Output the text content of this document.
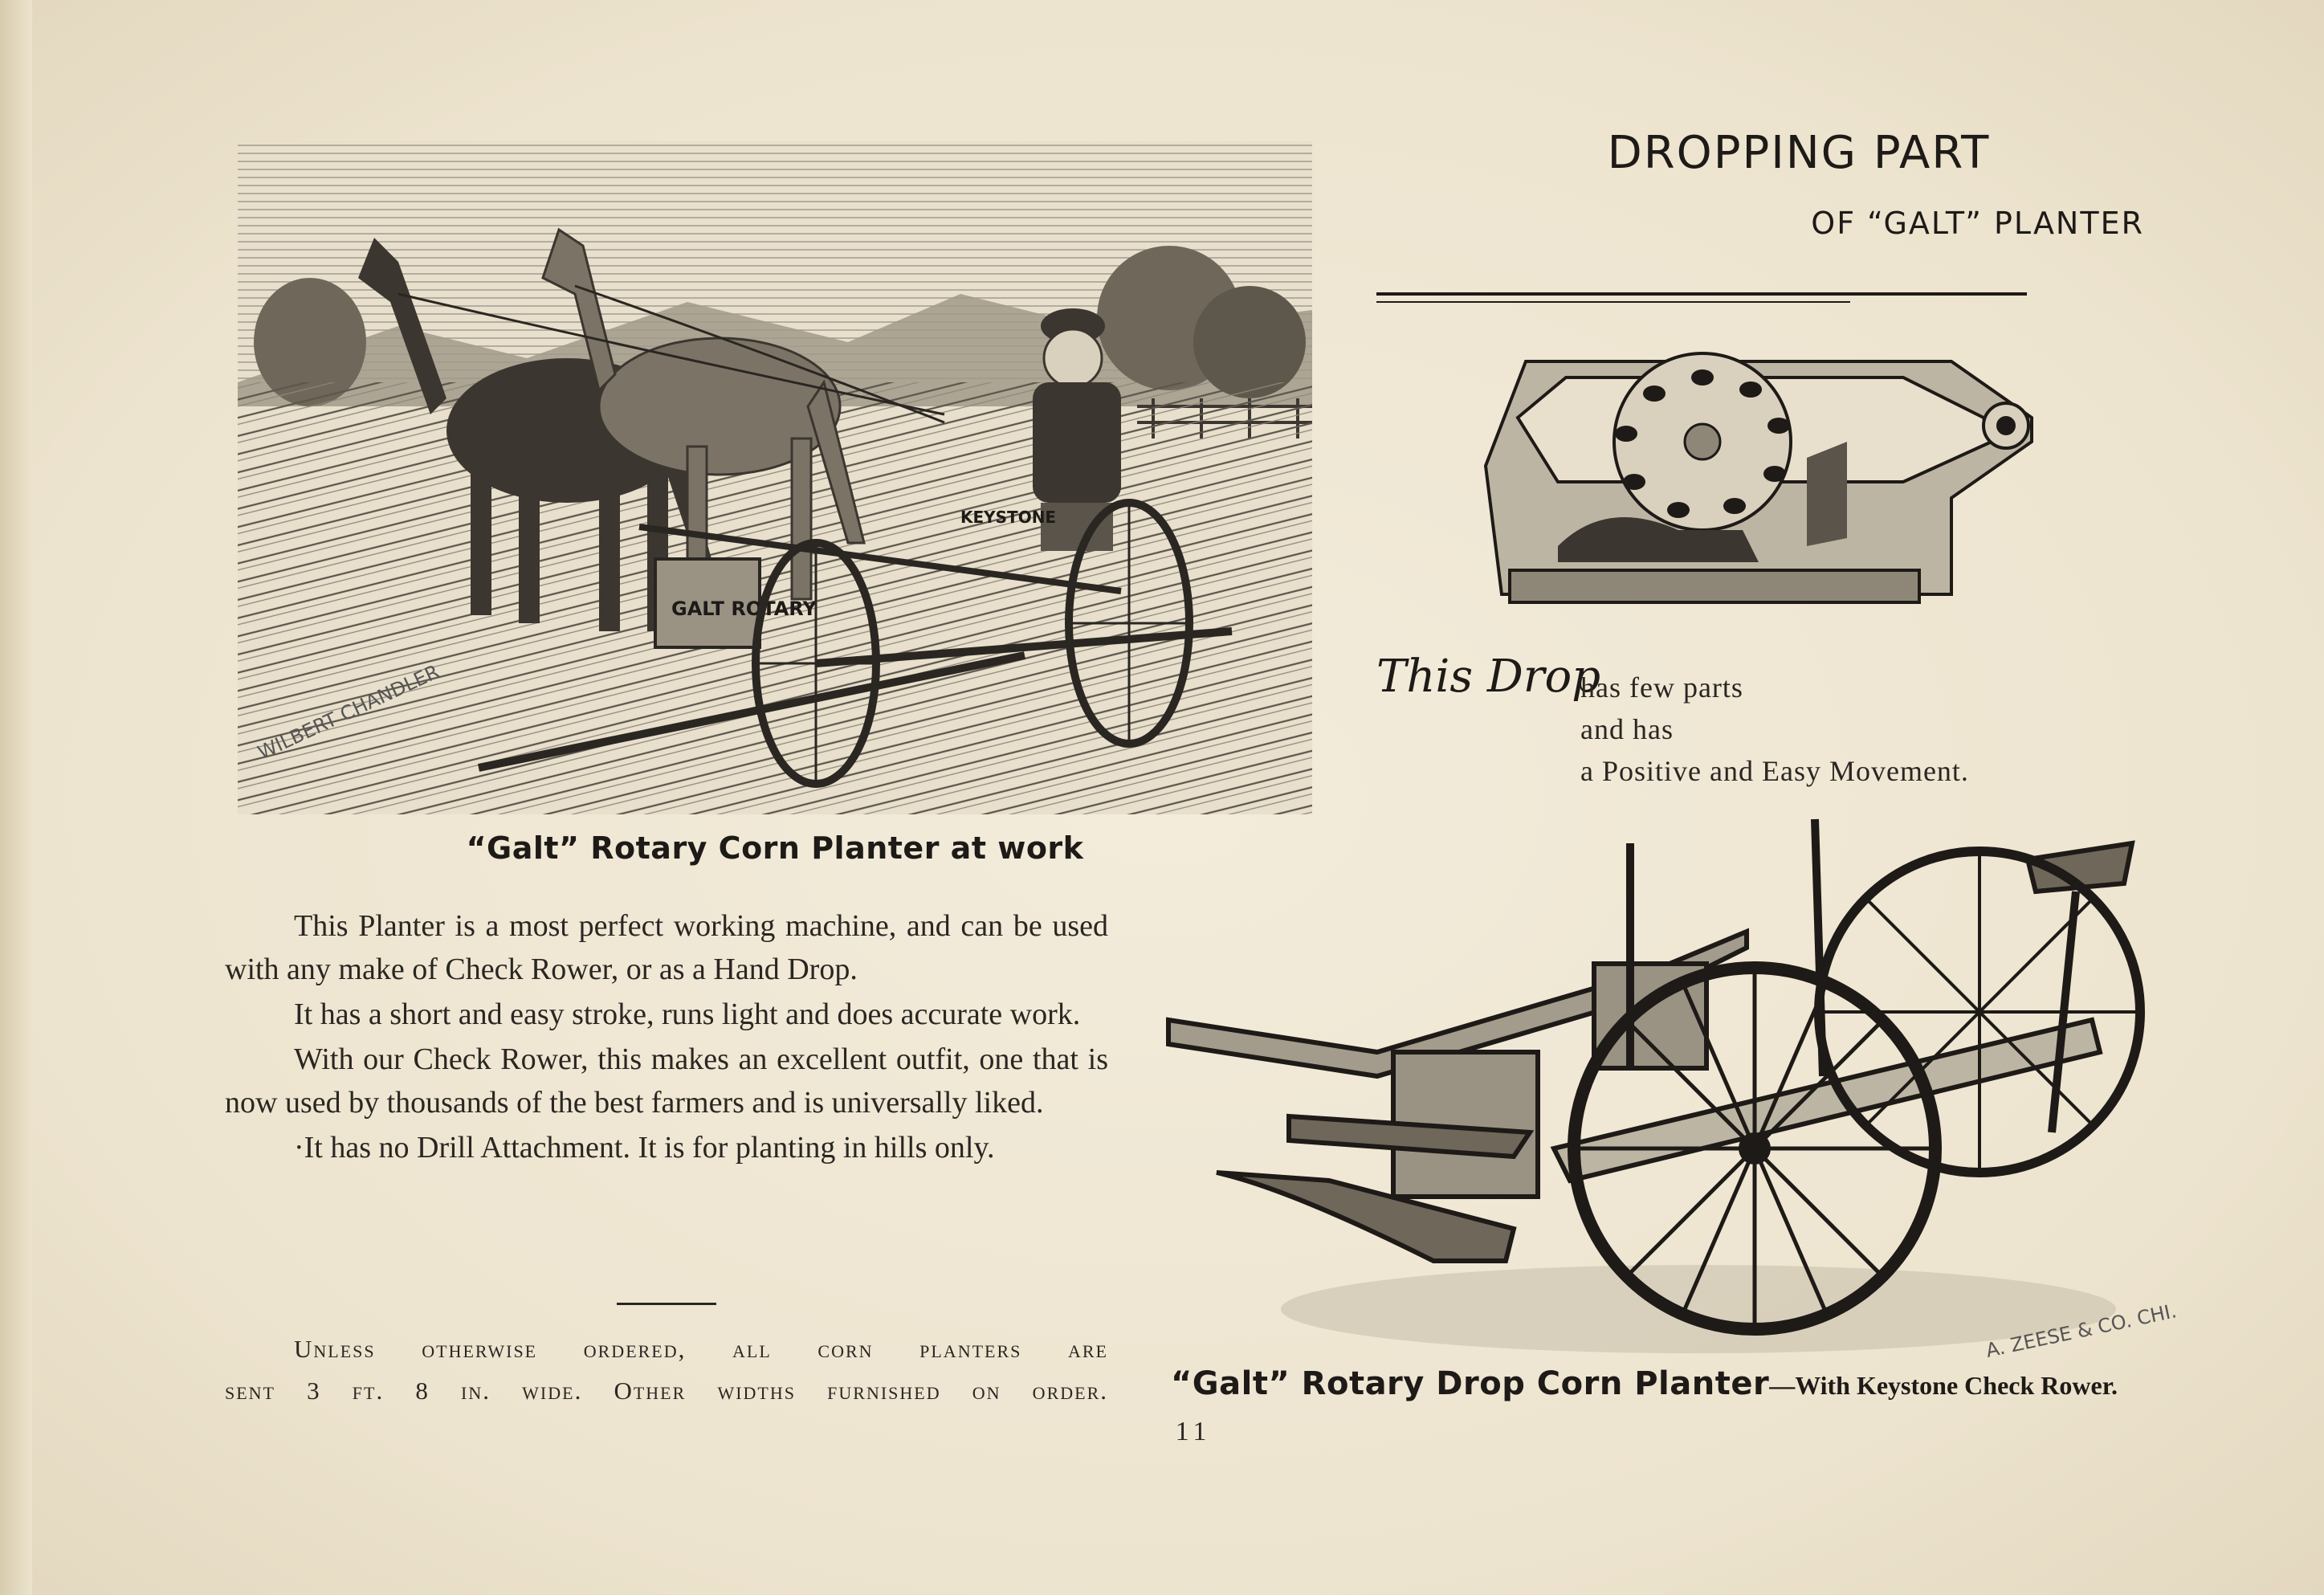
GALT ROTARY
KEYSTONE
WILBERT CHANDLER
“Galt” Rotary Corn Planter at work

This Planter is a most perfect working machine, and can be used with any make of Check Rower, or as a Hand Drop.

It has a short and easy stroke, runs light and does accurate work.

With our Check Rower, this makes an excellent outfit, one that is now used by thousands of the best farmers and is universally liked.

·It has no Drill Attachment. It is for planting in hills only.

Unless otherwise ordered, all corn planters are
sent 3 ft. 8 in. wide. Other widths furnished on order.
DROPPING PART
OF “GALT” PLANTER
This Drop
has few parts
and has
a Positive and Easy Movement.
A. ZEESE & CO. CHI.
“Galt” Rotary Drop Corn Planter—With Keystone Check Rower.
11
